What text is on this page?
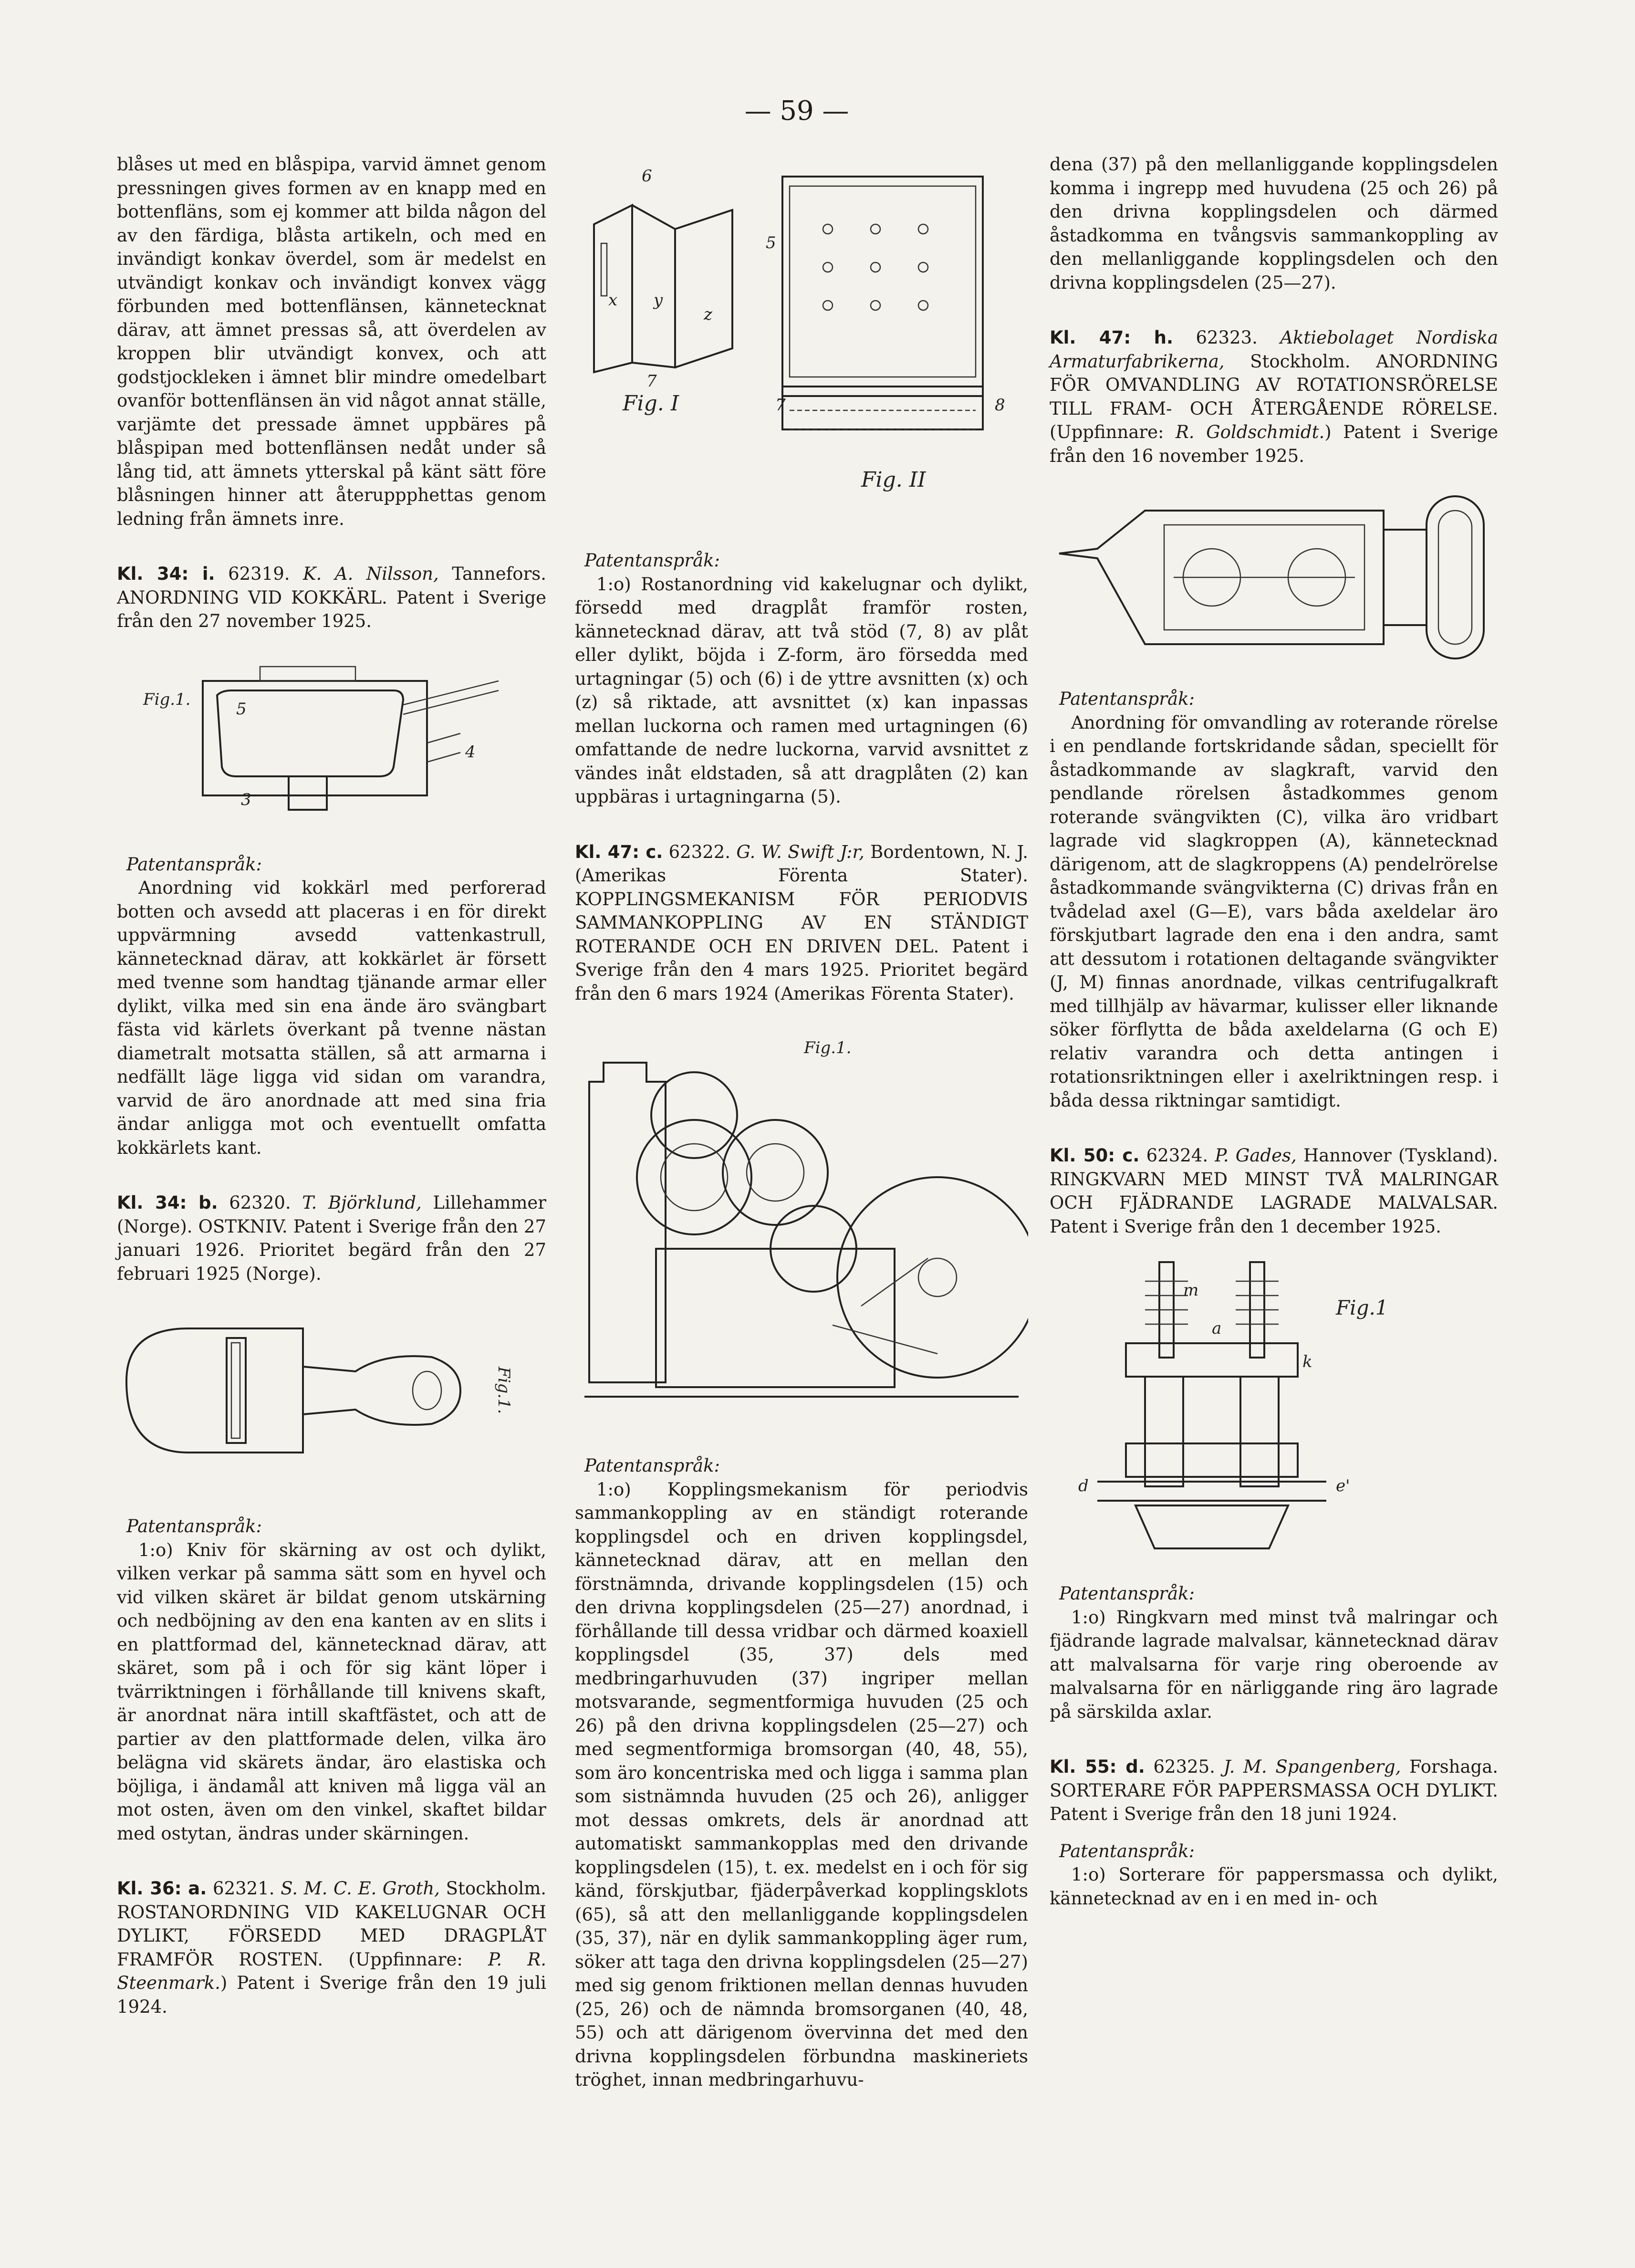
— 59 —

blåses ut med en blåspipa, varvid ämnet genom pressningen gives formen av en knapp med en bottenfläns, som ej kommer att bilda någon del av den färdiga, blåsta artikeln, och med en invändigt konkav överdel, som är medelst en utvändigt konkav och invändigt konvex vägg förbunden med bottenflänsen, kännetecknat därav, att ämnet pressas så, att överdelen av kroppen blir utvändigt konvex, och att godstjockleken i ämnet blir mindre omedelbart ovanför bottenflänsen än vid något annat ställe, varjämte det pressade ämnet uppbäres på blåspipan med bottenflänsen nedåt under så lång tid, att ämnets ytterskal på känt sätt före blåsningen hinner att återuppphettas genom ledning från ämnets inre.

Kl. 34: i. 62319. K. A. Nilsson, Tannefors. ANORDNING VID KOKKÄRL. Patent i Sverige från den 27 november 1925.

Fig.1.	5
3
4

Patentanspråk:

Anordning vid kokkärl med perforerad botten och avsedd att placeras i en för direkt uppvärmning avsedd vattenkastrull, kännetecknad därav, att kokkärlet är försett med tvenne som handtag tjänande armar eller dylikt, vilka med sin ena ände äro svängbart fästa vid kärlets överkant på tvenne nästan diametralt motsatta ställen, så att armarna i nedfällt läge ligga vid sidan om varandra, varvid de äro anordnade att med sina fria ändar anligga mot och eventuellt omfatta kokkärlets kant.

Kl. 34: b. 62320. T. Björklund, Lillehammer (Norge). OSTKNIV. Patent i Sverige från den 27 januari 1926. Prioritet begärd från den 27 februari 1925 (Norge).

Fig.1.

Patentanspråk:

1:o) Kniv för skärning av ost och dylikt, vilken verkar på samma sätt som en hyvel och vid vilken skäret är bildat genom utskärning och nedböjning av den ena kanten av en slits i en plattformad del, kännetecknad därav, att skäret, som på i och för sig känt löper i tvärriktningen i förhållande till knivens skaft, är anordnat nära intill skaftfästet, och att de partier av den plattformade delen, vilka äro belägna vid skärets ändar, äro elastiska och böjliga, i ändamål att kniven må ligga väl an mot osten, även om den vinkel, skaftet bildar med ostytan, ändras under skärningen.

Kl. 36: a. 62321. S. M. C. E. Groth, Stockholm. ROSTANORDNING VID KAKELUGNAR OCH DYLIKT, FÖRSEDD MED DRAGPLÅT FRAMFÖR ROSTEN. (Uppfinnare: P. R. Steenmark.) Patent i Sverige från den 19 juli 1924.

6
x y
z
7
Fig. I
5
7	8
Fig. II

Patentanspråk:

1:o) Rostanordning vid kakelugnar och dylikt, försedd med dragplåt framför rosten, kännetecknad därav, att två stöd (7, 8) av plåt eller dylikt, böjda i Z-form, äro försedda med urtagningar (5) och (6) i de yttre avsnitten (x) och (z) så riktade, att avsnittet (x) kan inpassas mellan luckorna och ramen med urtagningen (6) omfattande de nedre luckorna, varvid avsnittet z vändes inåt eldstaden, så att dragplåten (2) kan uppbäras i urtagningarna (5).

Kl. 47: c. 62322. G. W. Swift J:r, Bordentown, N. J. (Amerikas Förenta Stater). KOPPLINGSMEKANISM FÖR PERIODVIS SAMMANKOPPLING AV EN STÄNDIGT ROTERANDE OCH EN DRIVEN DEL. Patent i Sverige från den 4 mars 1925. Prioritet begärd från den 6 mars 1924 (Amerikas Förenta Stater).

Fig.1.

Patentanspråk:

1:o) Kopplingsmekanism för periodvis sammankoppling av en ständigt roterande kopplingsdel och en driven kopplingsdel, kännetecknad därav, att en mellan den förstnämnda, drivande kopplingsdelen (15) och den drivna kopplingsdelen (25—27) anordnad, i förhållande till dessa vridbar och därmed koaxiell kopplingsdel (35, 37) dels med medbringarhuvuden (37) ingriper mellan motsvarande, segmentformiga huvuden (25 och 26) på den drivna kopplingsdelen (25—27) och med segmentformiga bromsorgan (40, 48, 55), som äro koncentriska med och ligga i samma plan som sistnämnda huvuden (25 och 26), anligger mot dessas omkrets, dels är anordnad att automatiskt sammankopplas med den drivande kopplingsdelen (15), t. ex. medelst en i och för sig känd, förskjutbar, fjäderpåverkad kopplingsklots (65), så att den mellanliggande kopplingsdelen (35, 37), när en dylik sammankoppling äger rum, söker att taga den drivna kopplingsdelen (25—27) med sig genom friktionen mellan dennas huvuden (25, 26) och de nämnda bromsorganen (40, 48, 55) och att därigenom övervinna det med den drivna kopplingsdelen förbundna maskineriets tröghet, innan medbringarhuvu-

dena (37) på den mellanliggande kopplingsdelen komma i ingrepp med huvudena (25 och 26) på den drivna kopplingsdelen och därmed åstadkomma en tvångsvis sammankoppling av den mellanliggande kopplingsdelen och den drivna kopplingsdelen (25—27).

Kl. 47: h. 62323. Aktiebolaget Nordiska Armaturfabrikerna, Stockholm. ANORDNING FÖR OMVANDLING AV ROTATIONSRÖRELSE TILL FRAM- OCH ÅTERGÅENDE RÖRELSE. (Uppfinnare: R. Goldschmidt.) Patent i Sverige från den 16 november 1925.

Patentanspråk:

Anordning för omvandling av roterande rörelse i en pendlande fortskridande sådan, speciellt för åstadkommande av slagkraft, varvid den pendlande rörelsen åstadkommes genom roterande svängvikten (C), vilka äro vridbart lagrade vid slagkroppen (A), kännetecknad därigenom, att de slagkroppens (A) pendelrörelse åstadkommande svängvikterna (C) drivas från en tvådelad axel (G—E), vars båda axeldelar äro förskjutbart lagrade den ena i den andra, samt att dessutom i rotationen deltagande svängvikter (J, M) finnas anordnade, vilkas centrifugalkraft med tillhjälp av hävarmar, kulisser eller liknande söker förflytta de båda axeldelarna (G och E) relativ varandra och detta antingen i rotationsriktningen eller i axelriktningen resp. i båda dessa riktningar samtidigt.

Kl. 50: c. 62324. P. Gades, Hannover (Tyskland). RINGKVARN MED MINST TVÅ MALRINGAR OCH FJÄDRANDE LAGRADE MALVALSAR. Patent i Sverige från den 1 december 1925.

Fig.1
m
a
k
d	e'

Patentanspråk:

1:o) Ringkvarn med minst två malringar och fjädrande lagrade malvalsar, kännetecknad därav att malvalsarna för varje ring oberoende av malvalsarna för en närliggande ring äro lagrade på särskilda axlar.

Kl. 55: d. 62325. J. M. Spangenberg, Forshaga. SORTERARE FÖR PAPPERSMASSA OCH DYLIKT. Patent i Sverige från den 18 juni 1924.

Patentanspråk:

1:o) Sorterare för pappersmassa och dylikt, kännetecknad av en i en med in- och
